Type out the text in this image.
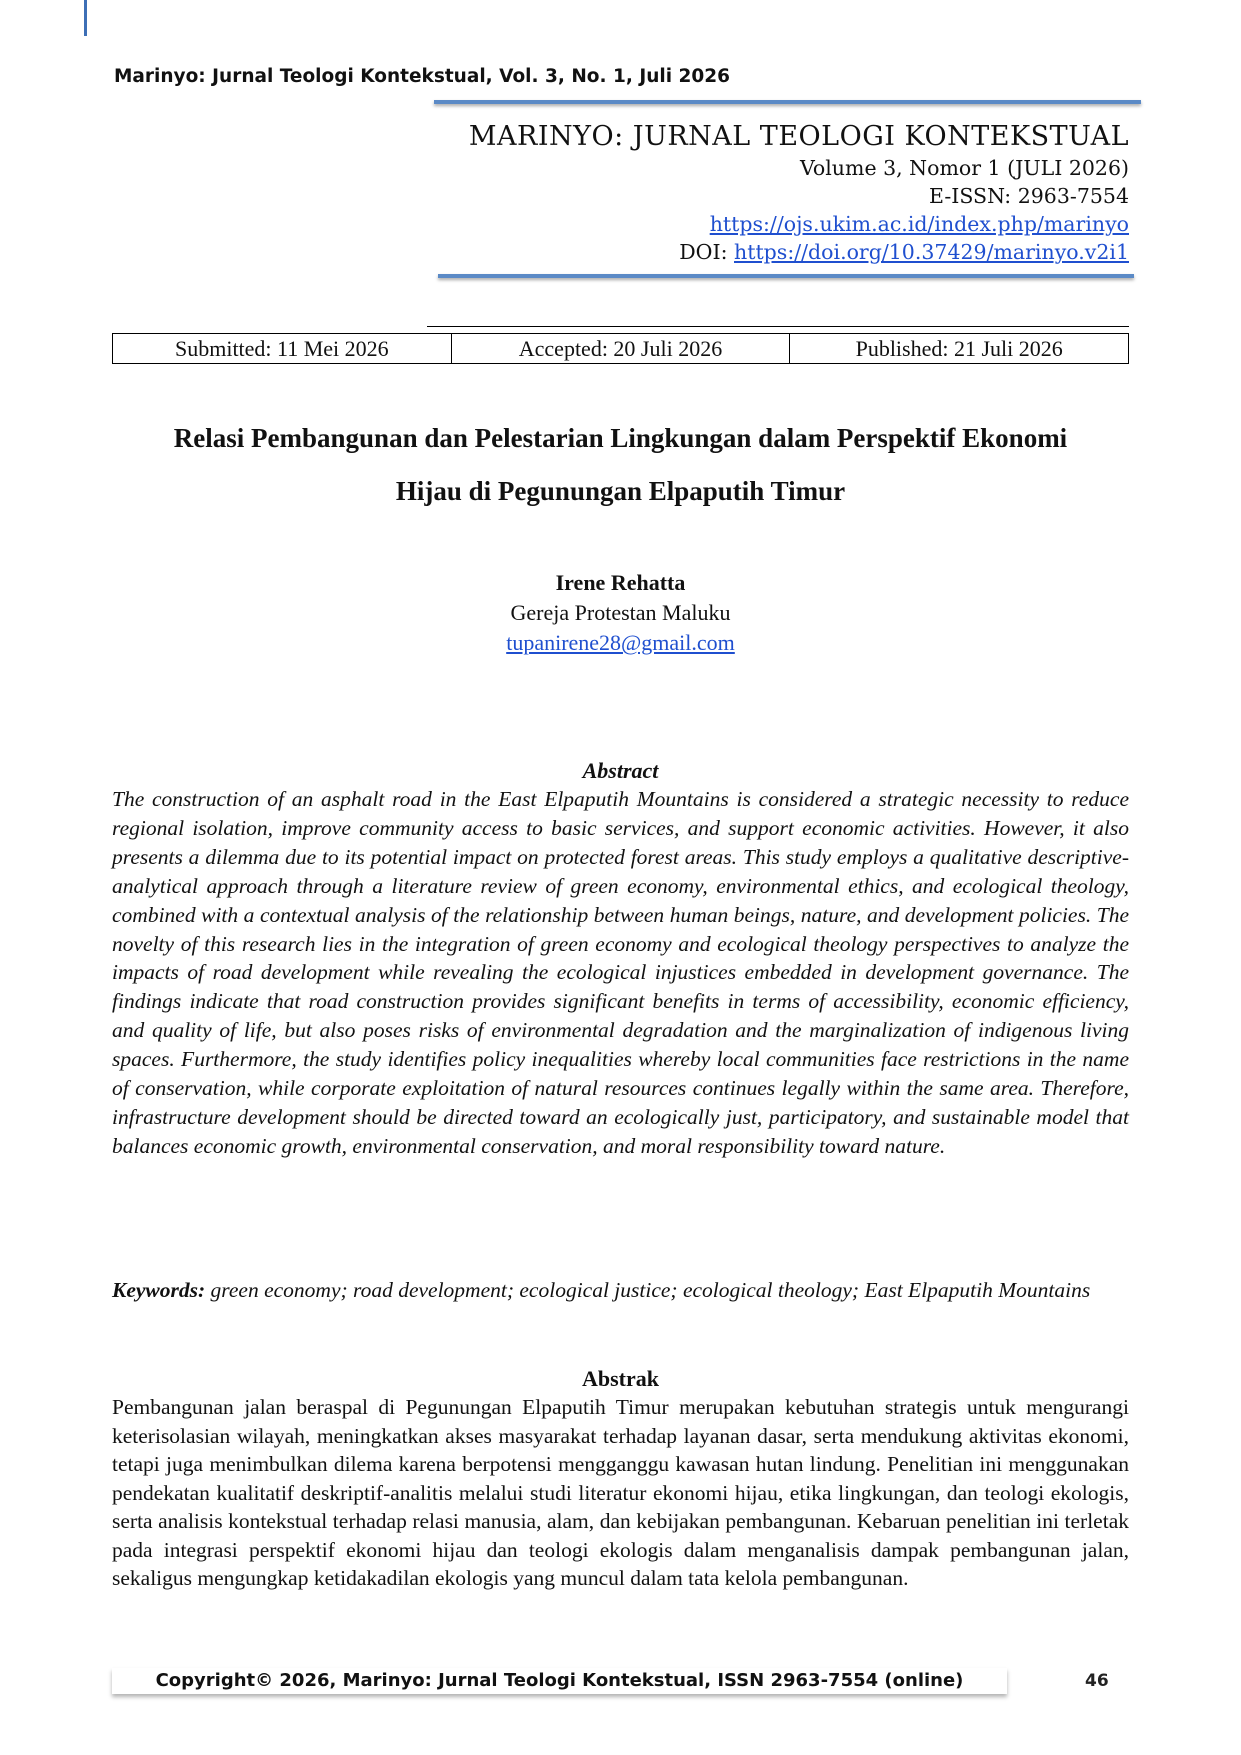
Marinyo: Jurnal Teologi Kontekstual, Vol. 3, No. 1, Juli 2026
MARINYO: JURNAL TEOLOGI KONTEKSTUAL
Volume 3, Nomor 1 (JULI 2026)
E-ISSN: 2963-7554
https://ojs.ukim.ac.id/index.php/marinyo
DOI: https://doi.org/10.37429/marinyo.v2i1
Submitted: 11 Mei 2026	Accepted: 20 Juli 2026	Published: 21 Juli 2026
Relasi Pembangunan dan Pelestarian Lingkungan dalam Perspektif Ekonomi
Hijau di Pegunungan Elpaputih Timur
Irene Rehatta
Gereja Protestan Maluku
tupanirene28@gmail.com
Abstract
The construction of an asphalt road in the East Elpaputih Mountains is considered a strategic necessity to reduce regional isolation, improve community access to basic services, and support economic activities. However, it also presents a dilemma due to its potential impact on protected forest areas. This study employs a qualitative descriptive-analytical approach through a literature review of green economy, environmental ethics, and ecological theology, combined with a contextual analysis of the relationship between human beings, nature, and development policies. The novelty of this research lies in the integration of green economy and ecological theology perspectives to analyze the impacts of road development while revealing the ecological injustices embedded in development governance. The findings indicate that road construction provides significant benefits in terms of accessibility, economic efficiency, and quality of life, but also poses risks of environmental degradation and the marginalization of indigenous living spaces. Furthermore, the study identifies policy inequalities whereby local communities face restrictions in the name of conservation, while corporate exploitation of natural resources continues legally within the same area. Therefore, infrastructure development should be directed toward an ecologically just, participatory, and sustainable model that balances economic growth, environmental conservation, and moral responsibility toward nature.
Keywords: green economy; road development; ecological justice; ecological theology; East Elpaputih Mountains
Abstrak
Pembangunan jalan beraspal di Pegunungan Elpaputih Timur merupakan kebutuhan strategis untuk mengurangi keterisolasian wilayah, meningkatkan akses masyarakat terhadap layanan dasar, serta mendukung aktivitas ekonomi, tetapi juga menimbulkan dilema karena berpotensi mengganggu kawasan hutan lindung. Penelitian ini menggunakan pendekatan kualitatif deskriptif-analitis melalui studi literatur ekonomi hijau, etika lingkungan, dan teologi ekologis, serta analisis kontekstual terhadap relasi manusia, alam, dan kebijakan pembangunan. Kebaruan penelitian ini terletak pada integrasi perspektif ekonomi hijau dan teologi ekologis dalam menganalisis dampak pembangunan jalan, sekaligus mengungkap ketidakadilan ekologis yang muncul dalam tata kelola pembangunan.
Copyright© 2026, Marinyo: Jurnal Teologi Kontekstual, ISSN 2963-7554 (online)	46
